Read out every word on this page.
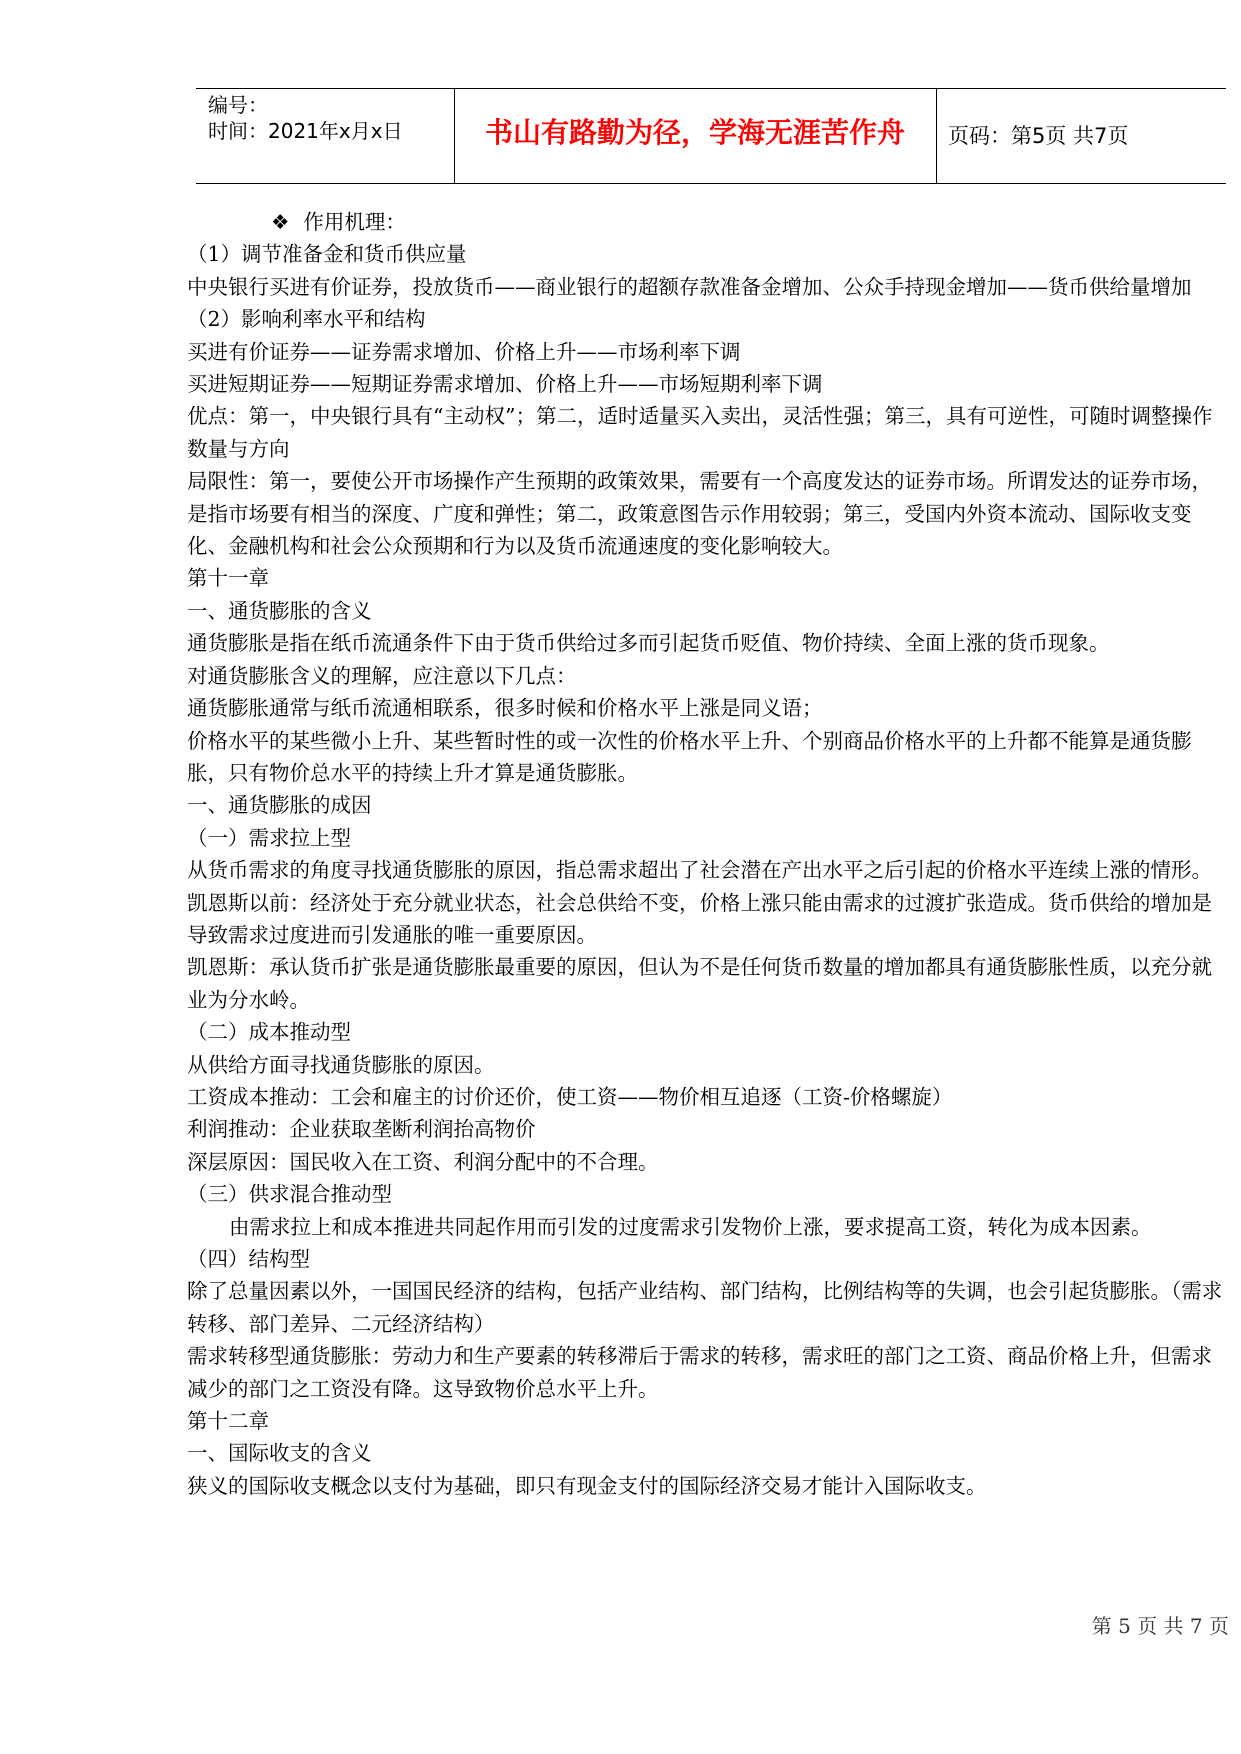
编号：
时间：2021年x月x日	书山有路勤为径，学海无涯苦作舟	页码：第5页 共7页

❖ 作用机理：

（1）调节准备金和货币供应量

中央银行买进有价证券，投放货币——商业银行的超额存款准备金增加、公众手持现金增加——货币供给量增加

（2）影响利率水平和结构

买进有价证券——证券需求增加、价格上升——市场利率下调

买进短期证券——短期证券需求增加、价格上升——市场短期利率下调

优点：第一，中央银行具有“主动权”；第二，适时适量买入卖出，灵活性强；第三，具有可逆性，可随时调整操作数量与方向

局限性：第一，要使公开市场操作产生预期的政策效果，需要有一个高度发达的证券市场。所谓发达的证券市场，是指市场要有相当的深度、广度和弹性；第二，政策意图告示作用较弱；第三，受国内外资本流动、国际收支变化、金融机构和社会公众预期和行为以及货币流通速度的变化影响较大。

第十一章

一、通货膨胀的含义

通货膨胀是指在纸币流通条件下由于货币供给过多而引起货币贬值、物价持续、全面上涨的货币现象。

对通货膨胀含义的理解，应注意以下几点：

通货膨胀通常与纸币流通相联系，很多时候和价格水平上涨是同义语；

价格水平的某些微小上升、某些暂时性的或一次性的价格水平上升、个别商品价格水平的上升都不能算是通货膨胀，只有物价总水平的持续上升才算是通货膨胀。

一、通货膨胀的成因

（一）需求拉上型

从货币需求的角度寻找通货膨胀的原因，指总需求超出了社会潜在产出水平之后引起的价格水平连续上涨的情形。

凯恩斯以前：经济处于充分就业状态，社会总供给不变，价格上涨只能由需求的过渡扩张造成。货币供给的增加是导致需求过度进而引发通胀的唯一重要原因。

凯恩斯：承认货币扩张是通货膨胀最重要的原因，但认为不是任何货币数量的增加都具有通货膨胀性质，以充分就业为分水岭。

（二）成本推动型

从供给方面寻找通货膨胀的原因。

工资成本推动：工会和雇主的讨价还价，使工资——物价相互追逐（工资-价格螺旋）

利润推动：企业获取垄断利润抬高物价

深层原因：国民收入在工资、利润分配中的不合理。

（三）供求混合推动型

由需求拉上和成本推进共同起作用而引发的过度需求引发物价上涨，要求提高工资，转化为成本因素。

（四）结构型

除了总量因素以外，一国国民经济的结构，包括产业结构、部门结构，比例结构等的失调，也会引起货膨胀。（需求转移、部门差异、二元经济结构）

需求转移型通货膨胀：劳动力和生产要素的转移滞后于需求的转移，需求旺的部门之工资、商品价格上升，但需求减少的部门之工资没有降。这导致物价总水平上升。

第十二章

一、国际收支的含义

狭义的国际收支概念以支付为基础，即只有现金支付的国际经济交易才能计入国际收支。

第 5 页 共 7 页
